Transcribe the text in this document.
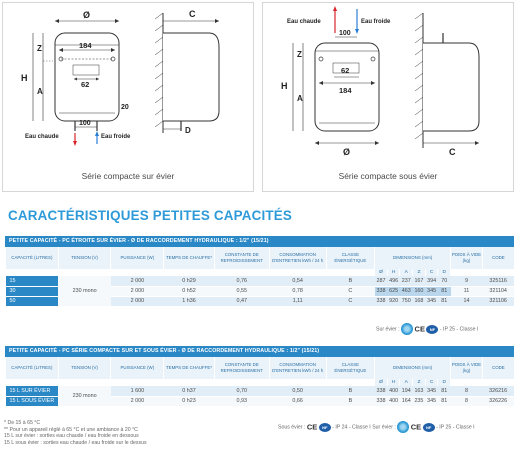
Ø
184
62
Z
H
A
100
20
Eau chaude	Eau froide
C
D
Série compacte sur évier
Eau chaude	Eau froide
100
62
184
Z
H
A
Ø	C
Série compacte sous évier
CARACTÉRISTIQUES PETITES CAPACITÉS
PETITE CAPACITÉ - PC ÉTROITE SUR ÉVIER - Ø DE RACCORDEMENT HYDRAULIQUE : 1/2" (15/21)
CAPACITÉ (LITRES)	TENSION (V)	PUISSANCE (W)	TEMPS DE CHAUFFE*	CONSTANTE DE REFROIDISSEMENT	CONSOMMATION D'ENTRETIEN kWh / 24 h	CLASSE ÉNERGÉTIQUE	DIMENSIONS (mm)						POIDS À VIDE (kg)	CODE
							Ø	H	A	Z	C	D		
15	230 mono	2 000	0 h29	0,76	0,54	B	287	496	237	167	394	70	9	325116
30		2 000	0 h52	0,55	0,78	C	338	625	463	160	345	81	11	321104
50		2 000	1 h36	0,47	1,11	C	338	920	750	168	345	81	14	321106
Sur évier : CE NF - IP 25 - Classe I
PETITE CAPACITÉ - PC SÉRIE COMPACTE SUR ET SOUS ÉVIER - Ø DE RACCORDEMENT HYDRAULIQUE : 1/2" (15/21)
CAPACITÉ (LITRES)	TENSION (V)	PUISSANCE (W)	TEMPS DE CHAUFFE*	CONSTANTE DE REFROIDISSEMENT	CONSOMMATION D'ENTRETIEN kWh / 24 h	CLASSE ÉNERGÉTIQUE	DIMENSIONS (mm)						POIDS À VIDE (kg)	CODE
							Ø	H	A	Z	C	D		
15 L SUR ÉVIER	230 mono	1 600	0 h37	0,70	0,50	B	338	400	194	163	345	81	8	326216
15 L SOUS ÉVIER		2 000	0 h23	0,93	0,66	B	338	400	164	235	345	81	8	326226
Sous évier : CE NF - IP 24 - Classe I Sur évier : CE NF - IP 25 - Classe I
* De 15 à 65 °C
** Pour un appareil réglé à 65 °C et une ambiance à 20 °C
15 L sur évier : sorties eau chaude / eau froide en dessous
15 L sous évier : sorties eau chaude / eau froide sur le dessus
